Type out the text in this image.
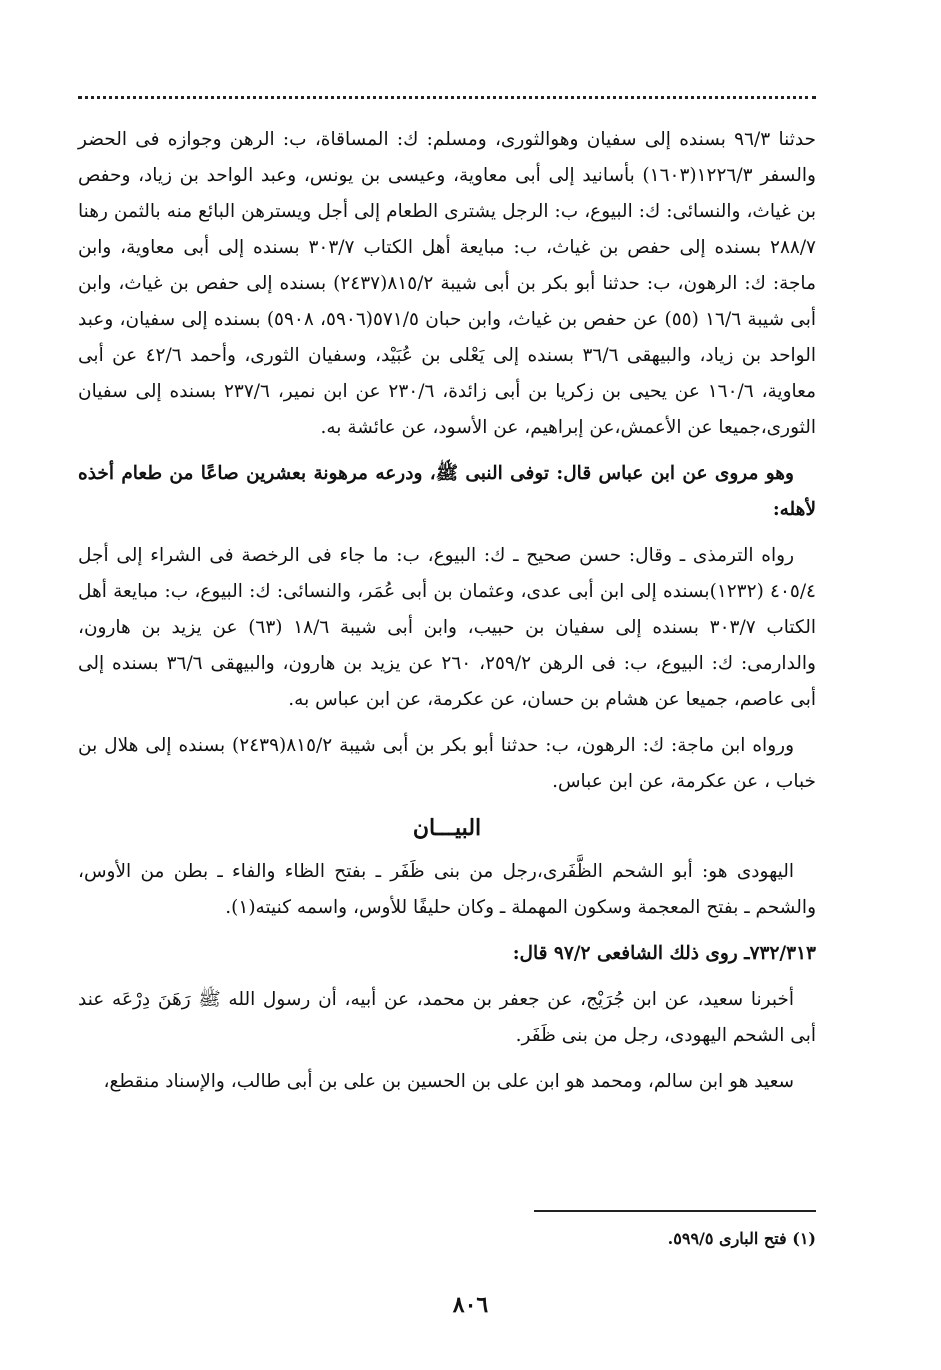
حدثنا ٩٦/٣ بسنده إلى سفيان وهوالثورى، ومسلم: ك: المساقاة، ب: الرهن وجوازه فى الحضر والسفر ١٢٢٦/٣(١٦٠٣) بأسانيد إلى أبى معاوية، وعيسى بن يونس، وعبد الواحد بن زياد، وحفص بن غياث، والنسائى: ك: البيوع، ب: الرجل يشترى الطعام إلى أجل ويسترهن البائع منه بالثمن رهنا ٢٨٨/٧ بسنده إلى حفص بن غياث، ب: مبايعة أهل الكتاب ٣٠٣/٧ بسنده إلى أبى معاوية، وابن ماجة: ك: الرهون، ب: حدثنا أبو بكر بن أبى شيبة ٨١٥/٢(٢٤٣٧) بسنده إلى حفص بن غياث، وابن أبى شيبة ١٦/٦ (٥٥) عن حفص بن غياث، وابن حبان ٥٧١/٥(٥٩٠٦، ٥٩٠٨) بسنده إلى سفيان، وعبد الواحد بن زياد، والبيهقى ٣٦/٦ بسنده إلى يَعْلى بن عُبَيْد، وسفيان الثورى، وأحمد ٤٢/٦ عن أبى معاوية، ١٦٠/٦ عن يحيى بن زكريا بن أبى زائدة، ٢٣٠/٦ عن ابن نمير، ٢٣٧/٦ بسنده إلى سفيان الثورى،جميعا عن الأعمش،عن إبراهيم، عن الأسود، عن عائشة به.

وهو مروى عن ابن عباس قال: توفى النبى ﷺ، ودرعه مرهونة بعشرين صاعًا من طعام أخذه لأهله:

رواه الترمذى ـ وقال: حسن صحيح ـ ك: البيوع، ب: ما جاء فى الرخصة فى الشراء إلى أجل ٤٠٥/٤ (١٢٣٢)بسنده إلى ابن أبى عدى، وعثمان بن أبى عُمَر، والنسائى: ك: البيوع، ب: مبايعة أهل الكتاب ٣٠٣/٧ بسنده إلى سفيان بن حبيب، وابن أبى شيبة ١٨/٦ (٦٣) عن يزيد بن هارون، والدارمى: ك: البيوع، ب: فى الرهن ٢٥٩/٢، ٢٦٠ عن يزيد بن هارون، والبيهقى ٣٦/٦ بسنده إلى أبى عاصم، جميعا عن هشام بن حسان، عن عكرمة، عن ابن عباس به.

ورواه ابن ماجة: ك: الرهون، ب: حدثنا أبو بكر بن أبى شيبة ٨١٥/٢(٢٤٣٩) بسنده إلى هلال بن خباب ، عن عكرمة، عن ابن عباس.

البيـــان

اليهودى هو: أبو الشحم الظَّفَرى،رجل من بنى ظَفَر ـ بفتح الظاء والفاء ـ بطن من الأوس، والشحم ـ بفتح المعجمة وسكون المهملة ـ وكان حليفًا للأوس، واسمه كنيته(١).

٧٣٢/٣١٣ـ روى ذلك الشافعى ٩٧/٢ قال:

أخبرنا سعيد، عن ابن جُرَيْج، عن جعفر بن محمد، عن أبيه، أن رسول الله ﷺ رَهَنَ دِرْعَه عند أبى الشحم اليهودى، رجل من بنى ظَفَر.

سعيد هو ابن سالم، ومحمد هو ابن على بن الحسين بن على بن أبى طالب، والإسناد منقطع،

(١) فتح البارى ٥٩٩/٥.
٨٠٦
